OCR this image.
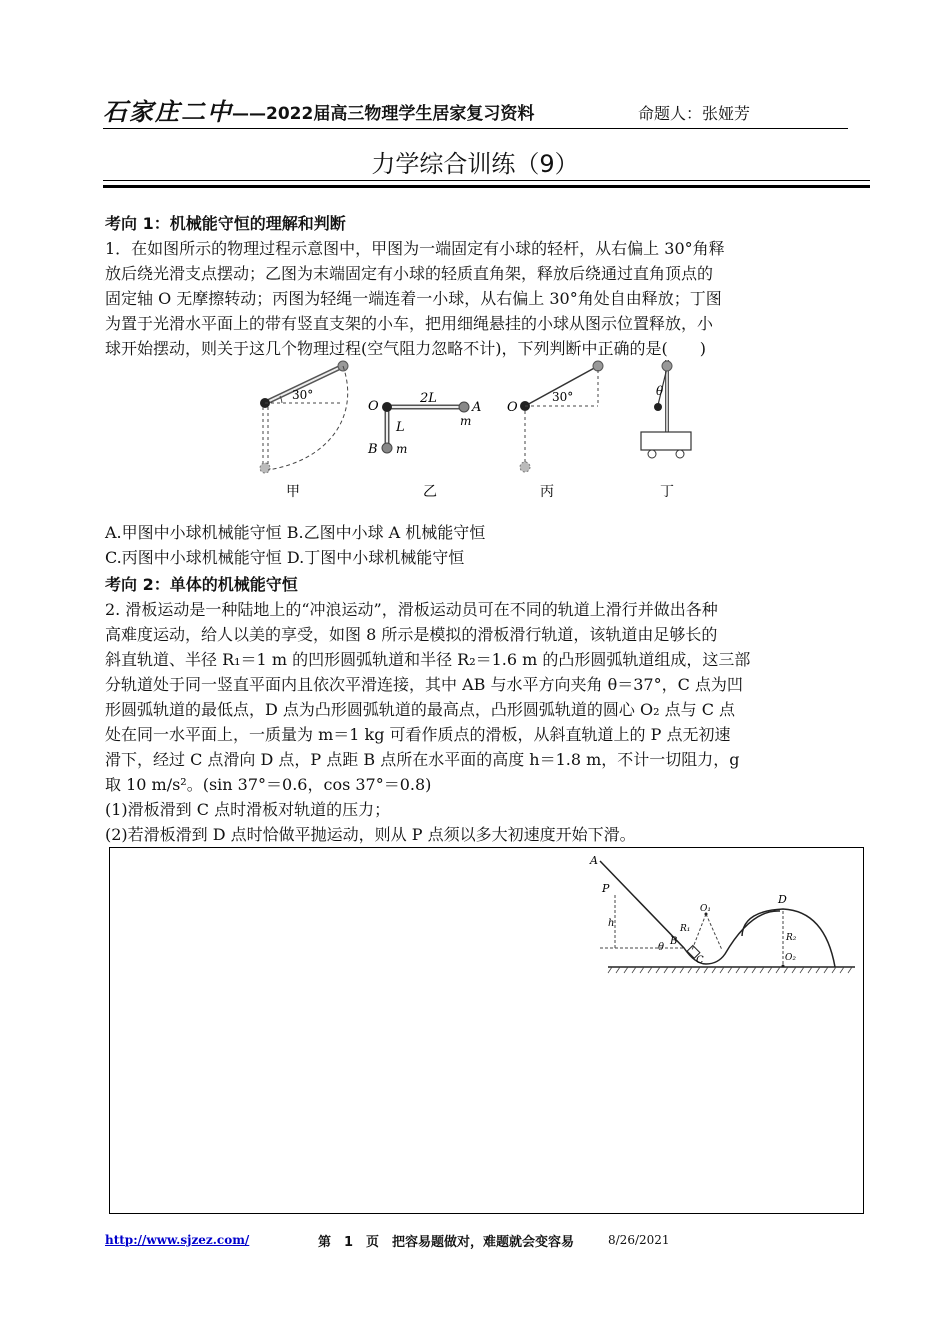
石家庄二中 ——2022届高三物理学生居家复习资料	命题人：张娅芳
力学综合训练（9）
考向 1：机械能守恒的理解和判断
1．在如图所示的物理过程示意图中，甲图为一端固定有小球的轻杆，从右偏上 30°角释
放后绕光滑支点摆动；乙图为末端固定有小球的轻质直角架，释放后绕通过直角顶点的
固定轴 O 无摩擦转动；丙图为轻绳一端连着一小球，从右偏上 30°角处自由释放；丁图
为置于光滑水平面上的带有竖直支架的小车，把用细绳悬挂的小球从图示位置释放，小
球开始摆动，则关于这几个物理过程(空气阻力忽略不计)，下列判断中正确的是(　　)
30°
甲
O
2L
A
m
L
B m
乙
O
30°
丙
θ
丁
A.甲图中小球机械能守恒 B.乙图中小球 A 机械能守恒
C.丙图中小球机械能守恒 D.丁图中小球机械能守恒
考向 2：单体的机械能守恒
2. 滑板运动是一种陆地上的“冲浪运动”，滑板运动员可在不同的轨道上滑行并做出各种
高难度运动，给人以美的享受，如图 8 所示是模拟的滑板滑行轨道，该轨道由足够长的
斜直轨道、半径 R₁＝1 m 的凹形圆弧轨道和半径 R₂＝1.6 m 的凸形圆弧轨道组成，这三部
分轨道处于同一竖直平面内且依次平滑连接，其中 AB 与水平方向夹角 θ＝37°，C 点为凹
形圆弧轨道的最低点，D 点为凸形圆弧轨道的最高点，凸形圆弧轨道的圆心 O₂ 点与 C 点
处在同一水平面上，一质量为 m＝1 kg 可看作质点的滑板，从斜直轨道上的 P 点无初速
滑下，经过 C 点滑向 D 点，P 点距 B 点所在水平面的高度 h＝1.8 m，不计一切阻力，g
取 10 m/s²。(sin 37°＝0.6，cos 37°＝0.8)
(1)滑板滑到 C 点时滑板对轨道的压力；
(2)若滑板滑到 D 点时恰做平抛运动，则从 P 点须以多大初速度开始下滑。
A
P
h
θ
B
C
R₁
O₁
D
R₂
O₂
http://www.sjzez.com/	第　1　页　把容易题做对，难题就会变容易	8/26/2021
